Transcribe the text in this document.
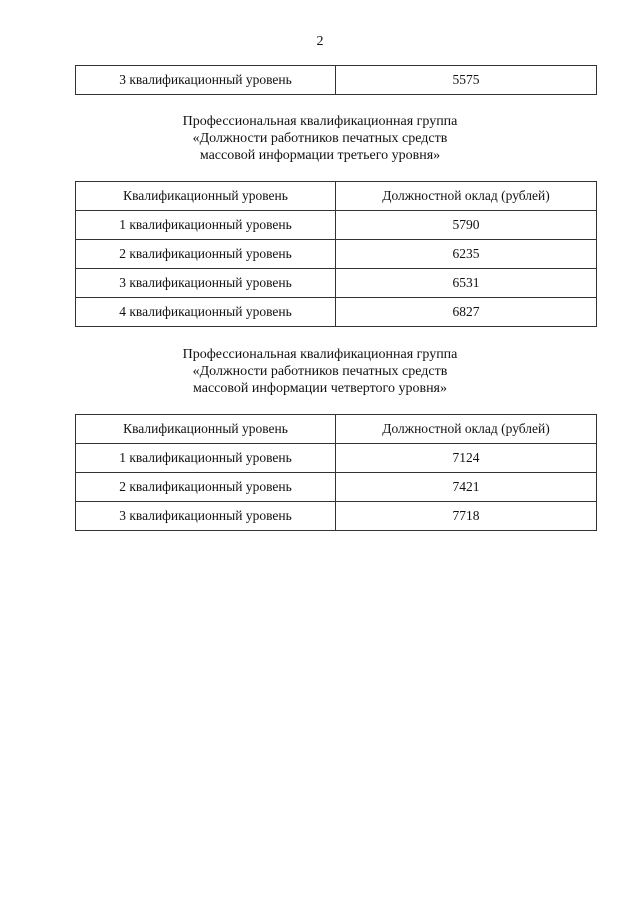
2
3 квалификационный уровень	5575
Профессиональная квалификационная группа
«Должности работников печатных средств
массовой информации третьего уровня»
Квалификационный уровень	Должностной оклад (рублей)
1 квалификационный уровень	5790
2 квалификационный уровень	6235
3 квалификационный уровень	6531
4 квалификационный уровень	6827
Профессиональная квалификационная группа
«Должности работников печатных средств
массовой информации четвертого уровня»
Квалификационный уровень	Должностной оклад (рублей)
1 квалификационный уровень	7124
2 квалификационный уровень	7421
3 квалификационный уровень	7718
